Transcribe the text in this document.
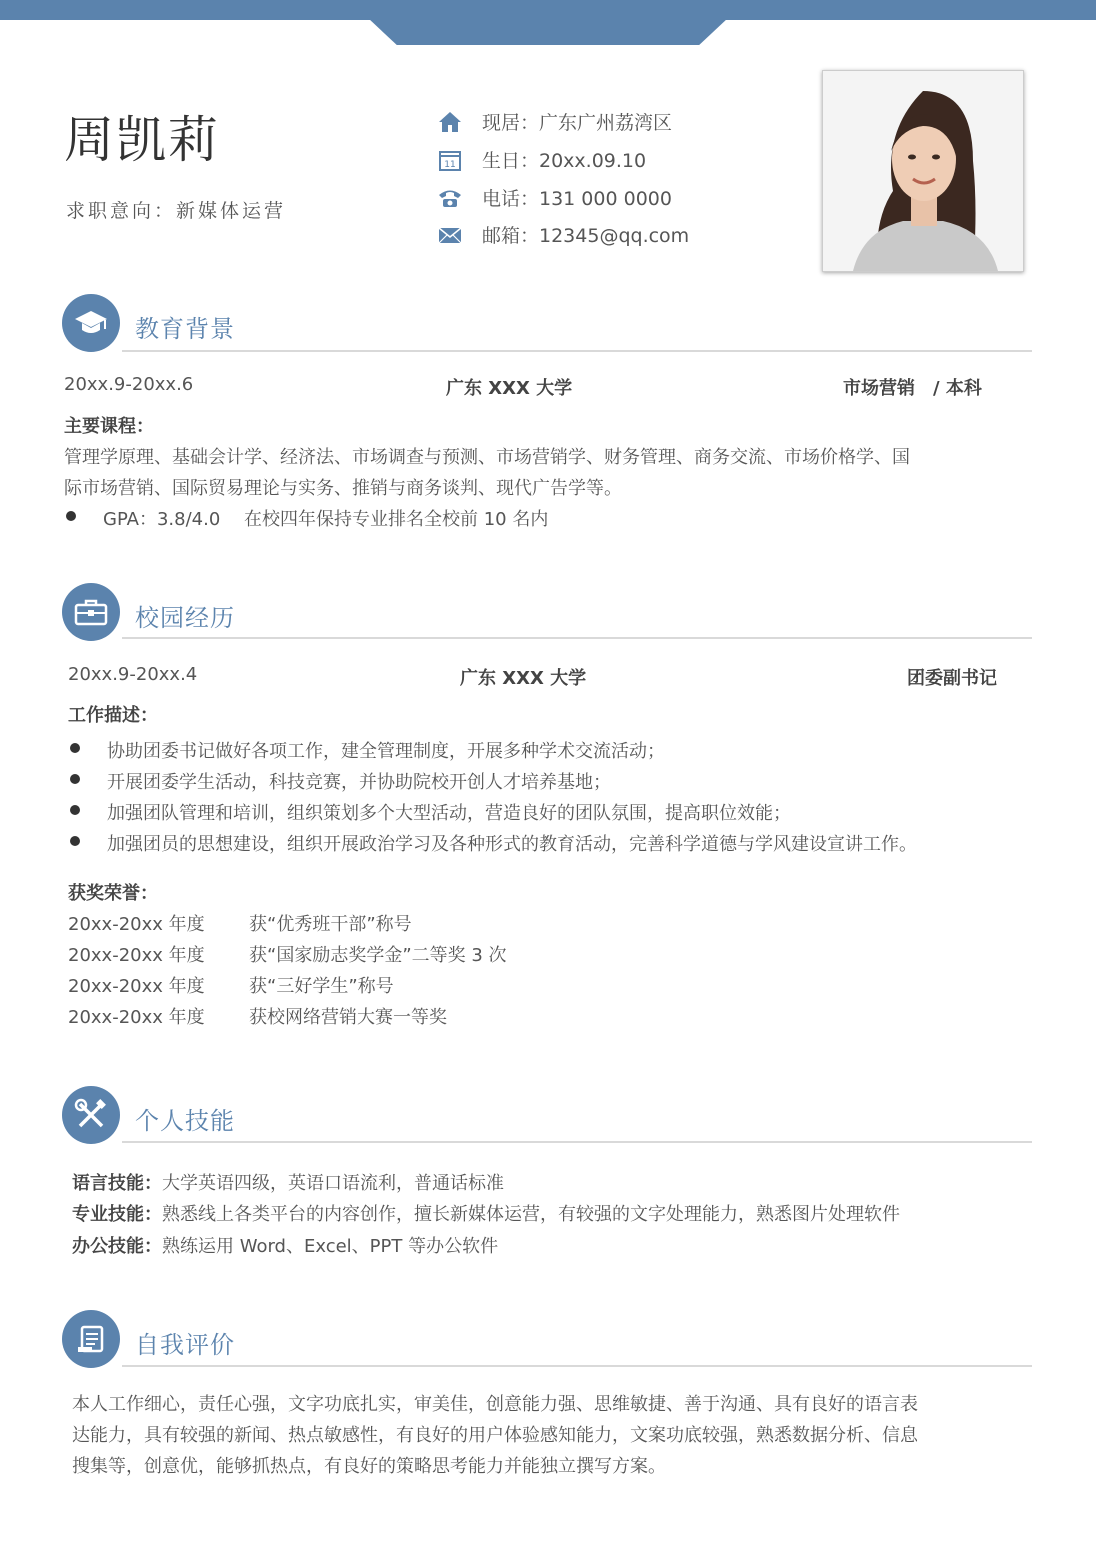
周凯莉
求职意向：新媒体运营
现居：广东广州荔湾区
11 生日：20xx.09.10
电话：131 000 0000
邮箱：12345@qq.com
教育背景
20xx.9-20xx.6	广东 XXX 大学	市场营销　/ 本科
主要课程：
管理学原理、基础会计学、经济法、市场调查与预测、市场营销学、财务管理、商务交流、市场价格学、国
际市场营销、国际贸易理论与实务、推销与商务谈判、现代广告学等。
GPA：3.8/4.0　 在校四年保持专业排名全校前 10 名内
校园经历
20xx.9-20xx.4	广东 XXX 大学	团委副书记
工作描述：
协助团委书记做好各项工作，建全管理制度，开展多种学术交流活动；
开展团委学生活动，科技竞赛，并协助院校开创人才培养基地；
加强团队管理和培训，组织策划多个大型活动，营造良好的团队氛围，提高职位效能；
加强团员的思想建设，组织开展政治学习及各种形式的教育活动，完善科学道德与学风建设宣讲工作。
获奖荣誉：
20xx-20xx 年度 获“优秀班干部”称号
20xx-20xx 年度 获“国家励志奖学金”二等奖 3 次
20xx-20xx 年度 获“三好学生”称号
20xx-20xx 年度 获校网络营销大赛一等奖
个人技能
语言技能：大学英语四级，英语口语流利，普通话标准
专业技能：熟悉线上各类平台的内容创作，擅长新媒体运营，有较强的文字处理能力，熟悉图片处理软件
办公技能：熟练运用 Word、Excel、PPT 等办公软件
自我评价
本人工作细心，责任心强，文字功底扎实，审美佳，创意能力强、思维敏捷、善于沟通、具有良好的语言表
达能力，具有较强的新闻、热点敏感性，有良好的用户体验感知能力，文案功底较强，熟悉数据分析、信息
搜集等，创意优，能够抓热点，有良好的策略思考能力并能独立撰写方案。
